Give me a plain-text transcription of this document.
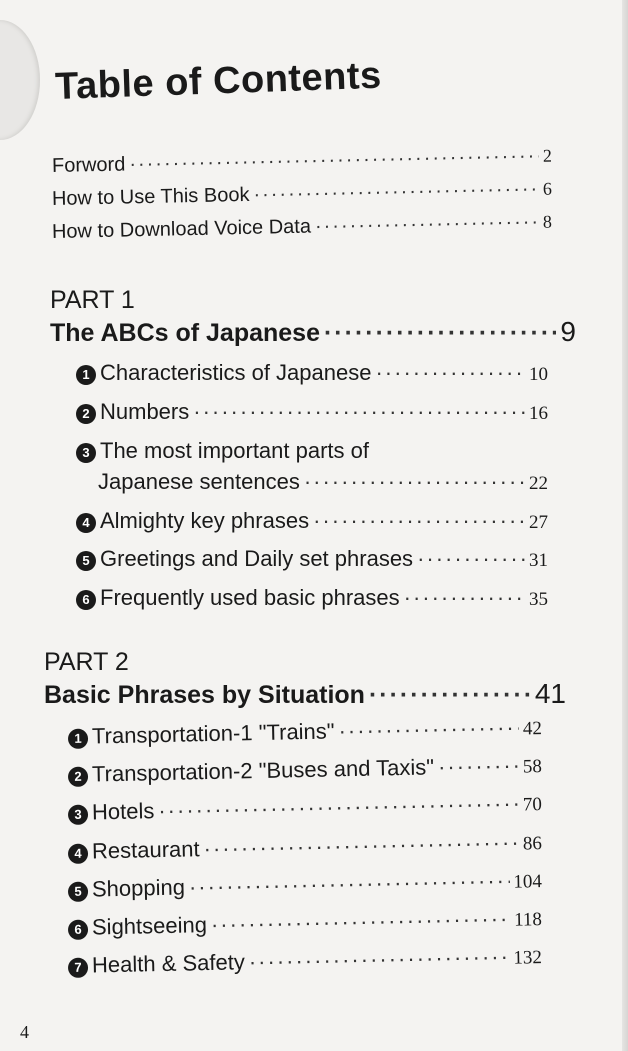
Table of Contents
Forword ·····	2
How to Use This Book ·····	6
How to Download Voice Data ·····	8
PART 1
The ABCs of Japanese ·····	9
1 Characteristics of Japanese ·····	10
2 Numbers ·····	16
3 The most important parts of
Japanese sentences ·····	22
4 Almighty key phrases ·····	27
5 Greetings and Daily set phrases ·····	31
6 Frequently used basic phrases ·····	35
PART 2
Basic Phrases by Situation ·····	41
1 Transportation-1 "Trains" ·····	42
2 Transportation-2 "Buses and Taxis" ·····	58
3 Hotels ·····	70
4 Restaurant ·····	86
5 Shopping ·····	104
6 Sightseeing ·····	118
7 Health & Safety ·····	132
4
